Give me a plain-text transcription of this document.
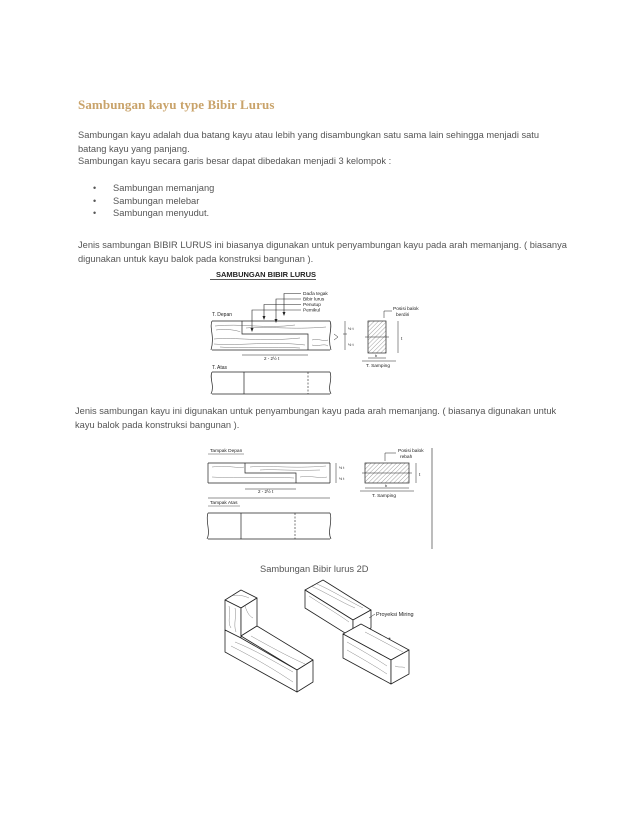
Sambungan kayu type Bibir Lurus

Sambungan kayu adalah dua batang kayu atau lebih yang disambungkan satu sama lain sehingga menjadi satu batang kayu yang panjang.

Sambungan kayu secara garis besar dapat dibedakan menjadi 3 kelompok :

• Sambungan memanjang
• Sambungan melebar
• Sambungan menyudut.

Jenis sambungan BIBIR LURUS ini biasanya digunakan untuk penyambungan kayu pada arah memanjang. ( biasanya digunakan untuk kayu balok pada konstruksi bangunan ).

SAMBUNGAN BIBIR LURUS
Daďa tegak
Bibir lurus
Penutup
Pemikul
T. Depan
2 - 2½ t
½ t
½ t
T. Atas
Posisi balok
berdiri
t
b
T. Samping

Jenis sambungan kayu ini digunakan untuk penyambungan kayu pada arah memanjang. ( biasanya digunakan untuk kayu balok pada konstruksi bangunan ).

Tampak Depan
½ t
½ t
2 - 2½ t
Tampak Atas
Posisi balok
rebah
t
b
T. Samping
Sambungan Bibir lurus 2D
Proyeksi Miring
